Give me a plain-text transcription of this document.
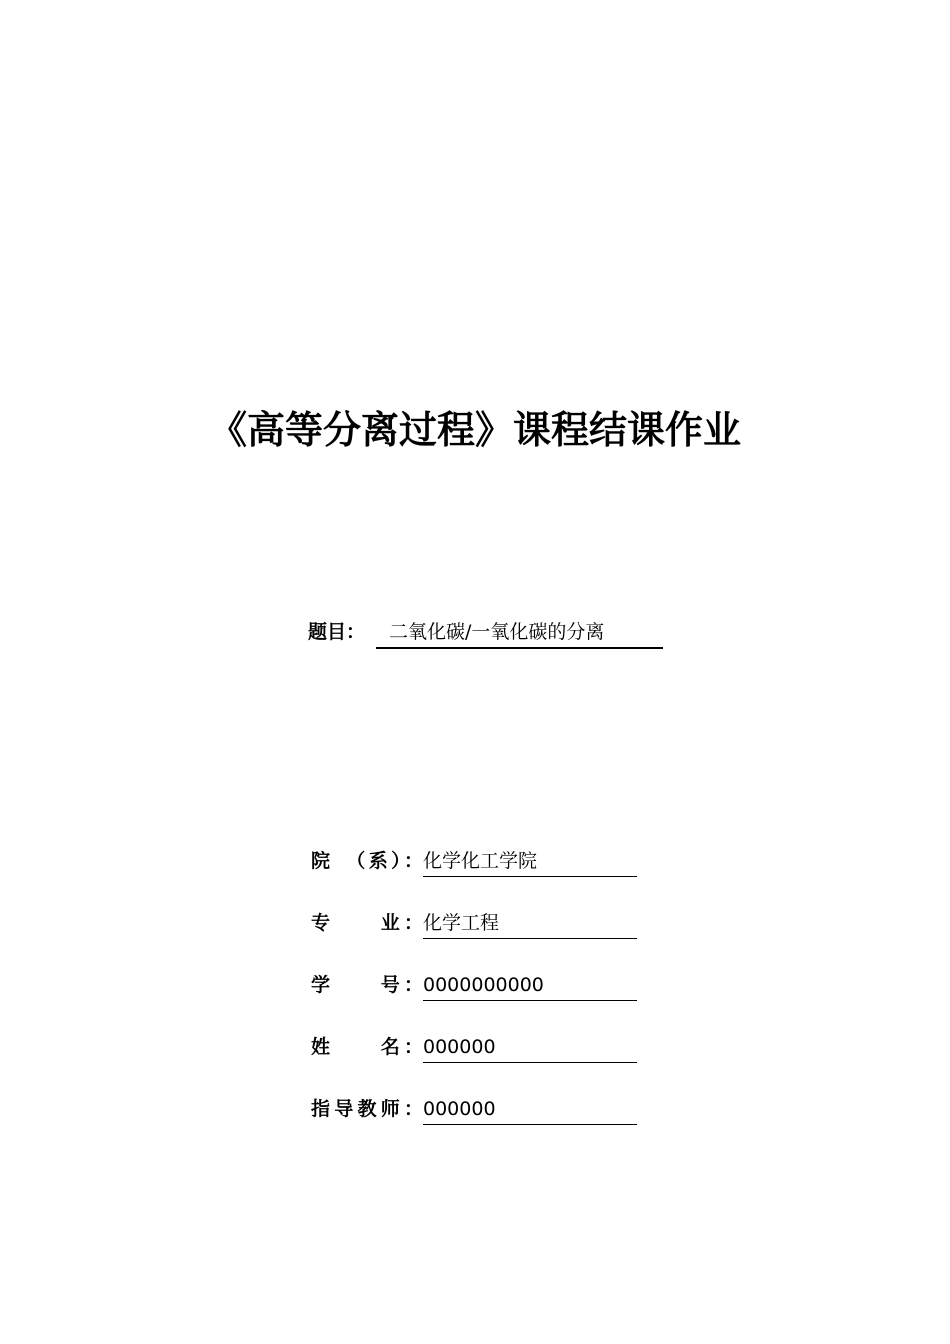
《高等分离过程》课程结课作业
题目： 二氧化碳/一氧化碳的分离
院　（系）： 化学化工学院
专　　业： 化学工程
学　　号： 0000000000
姓　　名： 000000
指导教师： 000000
